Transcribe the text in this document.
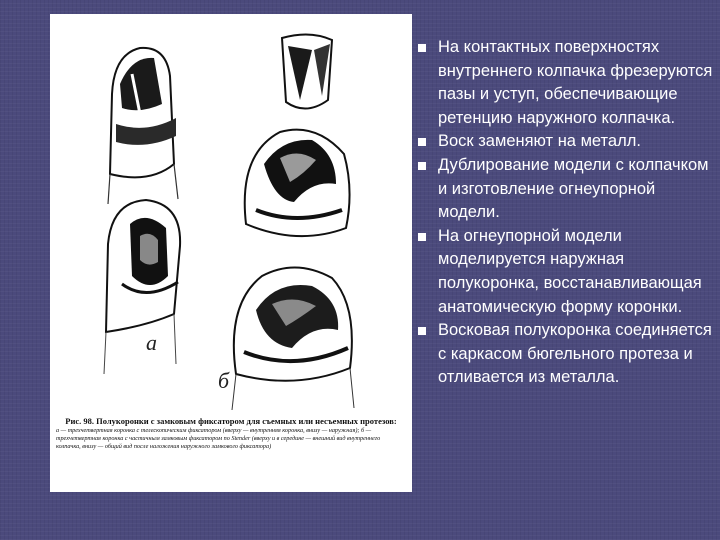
а
б
Рис. 98. Полукоронки с замковым фиксатором для съемных или несъемных протезов:
а — трехчетвертная коронка с телескопическим фиксатором (вверху — внутренняя коронка, внизу — наружная); б — трехчетвертная коронка с частичным замковым фиксатором по Stender (вверху и в середине — внешний вид внутреннего колпачка, внизу — общий вид после наложения наружного замкового фиксатора)
На контактных поверхностях внутреннего колпачка фрезеруются пазы и уступ, обеспечивающие ретенцию наружного колпачка.
Воск заменяют на металл.
Дублирование модели с колпачком и изготовление огнеупорной модели.
На огнеупорной модели моделируется наружная полукоронка, восстанавливающая анатомическую форму коронки.
Восковая полукоронка соединяется с каркасом бюгельного протеза и отливается из металла.
